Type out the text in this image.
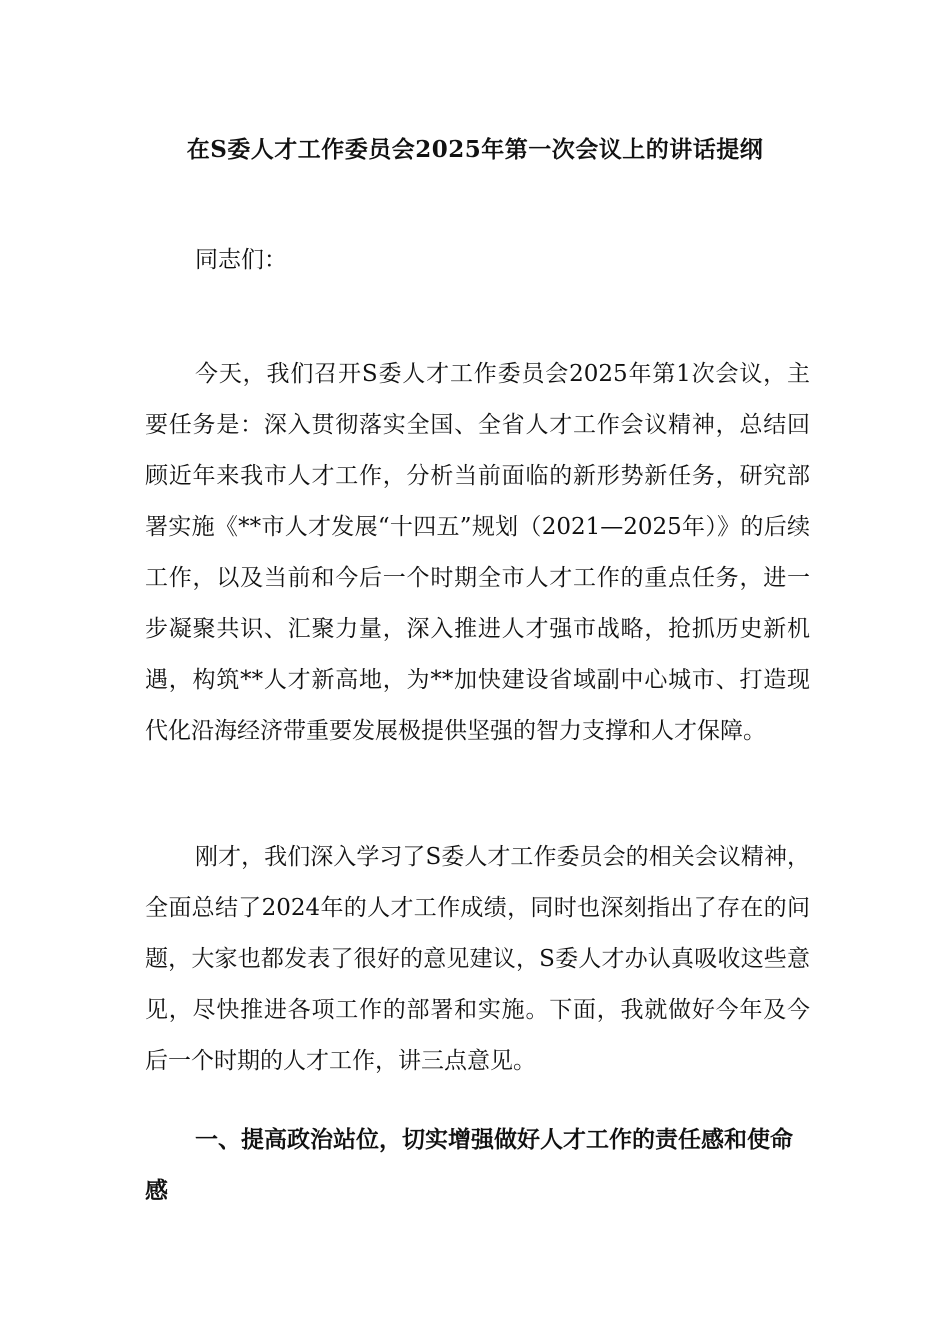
在S委人才工作委员会2025年第一次会议上的讲话提纲
同志们：

今天，我们召开S委人才工作委员会2025年第1次会议，主要任务是：深入贯彻落实全国、全省人才工作会议精神，总结回顾近年来我市人才工作，分析当前面临的新形势新任务，研究部署实施《**市人才发展“十四五”规划（2021—2025年）》的后续工作，以及当前和今后一个时期全市人才工作的重点任务，进一步凝聚共识、汇聚力量，深入推进人才强市战略，抢抓历史新机遇，构筑**人才新高地，为**加快建设省域副中心城市、打造现代化沿海经济带重要发展极提供坚强的智力支撑和人才保障。

刚才，我们深入学习了S委人才工作委员会的相关会议精神，全面总结了2024年的人才工作成绩，同时也深刻指出了存在的问题，大家也都发表了很好的意见建议，S委人才办认真吸收这些意见，尽快推进各项工作的部署和实施。下面，我就做好今年及今后一个时期的人才工作，讲三点意见。

一、提高政治站位，切实增强做好人才工作的责任感和使命感
